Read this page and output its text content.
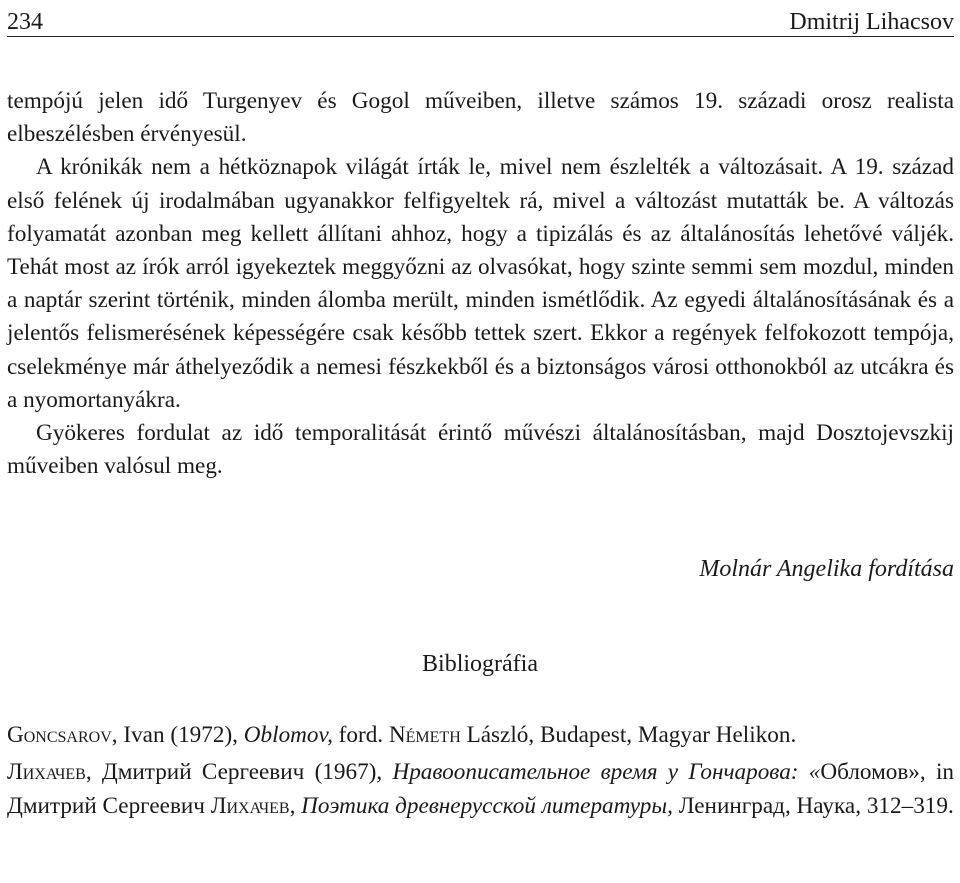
234	Dmitrij Lihacsov

tempójú jelen idő Turgenyev és Gogol műveiben, illetve számos 19. századi orosz realista elbeszélésben érvényesül.

A krónikák nem a hétköznapok világát írták le, mivel nem észlelték a változásait. A 19. század első felének új irodalmában ugyanakkor felfigyeltek rá, mivel a változást mutatták be. A változás folyamatát azonban meg kellett állítani ahhoz, hogy a tipizálás és az általánosítás lehetővé váljék. Tehát most az írók arról igyekeztek meggyőzni az olvasókat, hogy szinte semmi sem mozdul, minden a naptár szerint történik, minden álomba merült, minden ismétlődik. Az egyedi általánosításának és a jelentős felismerésének képességére csak később tettek szert. Ekkor a regények felfokozott tempója, cselekménye már áthelyeződik a nemesi fészkekből és a biztonságos városi otthonokból az utcákra és a nyomortanyákra.

Gyökeres fordulat az idő temporalitását érintő művészi általánosításban, majd Dosztojevszkij műveiben valósul meg.

Molnár Angelika fordítása
Bibliográfia

Goncsarov, Ivan (1972), Oblomov, ford. Németh László, Budapest, Magyar Helikon.

Лихачев, Дмитрий Сергеевич (1967), Нравоописательное время у Гончарова: «Обломов», in Дмитрий Сергеевич Лихачев, Поэтика древнерусской литературы, Ленинград, Наука, 312–319.
